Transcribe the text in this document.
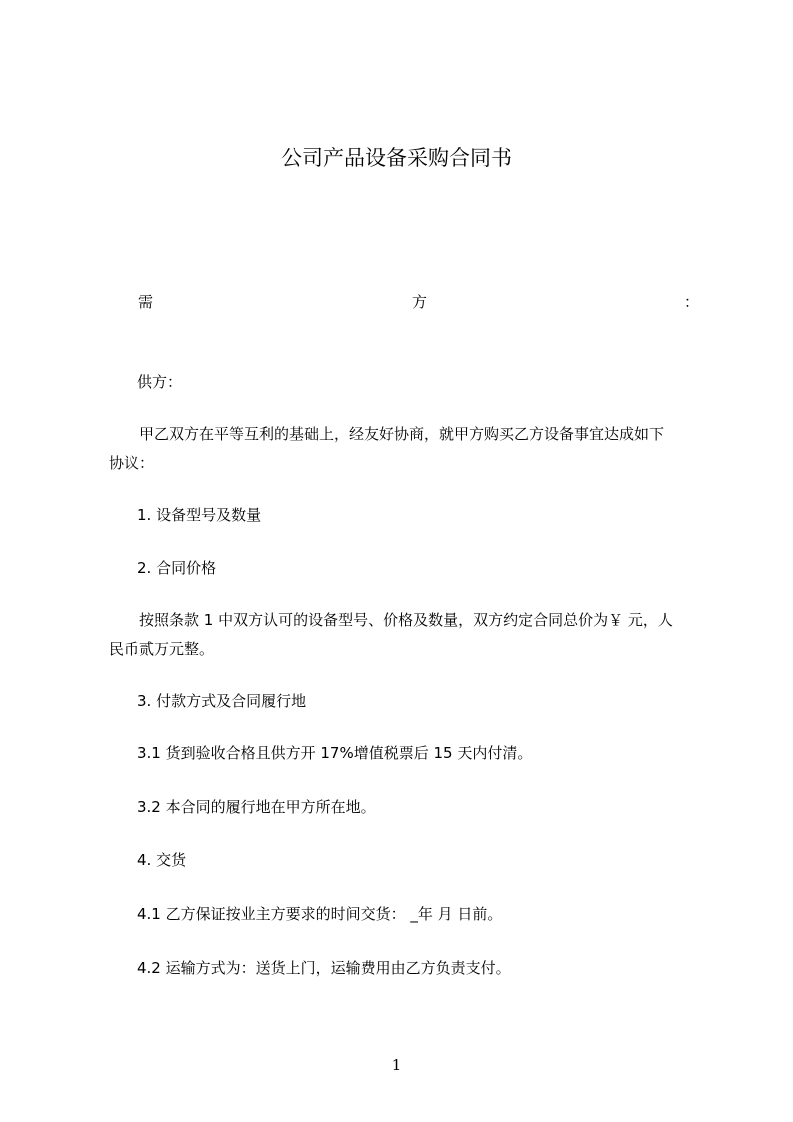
公司产品设备采购合同书
需	方	：
供方：
甲乙双方在平等互利的基础上，经友好协商，就甲方购买乙方设备事宜达成如下
协议：
1. 设备型号及数量
2. 合同价格
按照条款 1 中双方认可的设备型号、价格及数量，双方约定合同总价为￥ 元，人
民币贰万元整。
3. 付款方式及合同履行地
3.1 货到验收合格且供方开 17%增值税票后 15 天内付清。
3.2 本合同的履行地在甲方所在地。
4. 交货
4.1 乙方保证按业主方要求的时间交货： _年 月 日前。
4.2 运输方式为：送货上门，运输费用由乙方负责支付。
1
